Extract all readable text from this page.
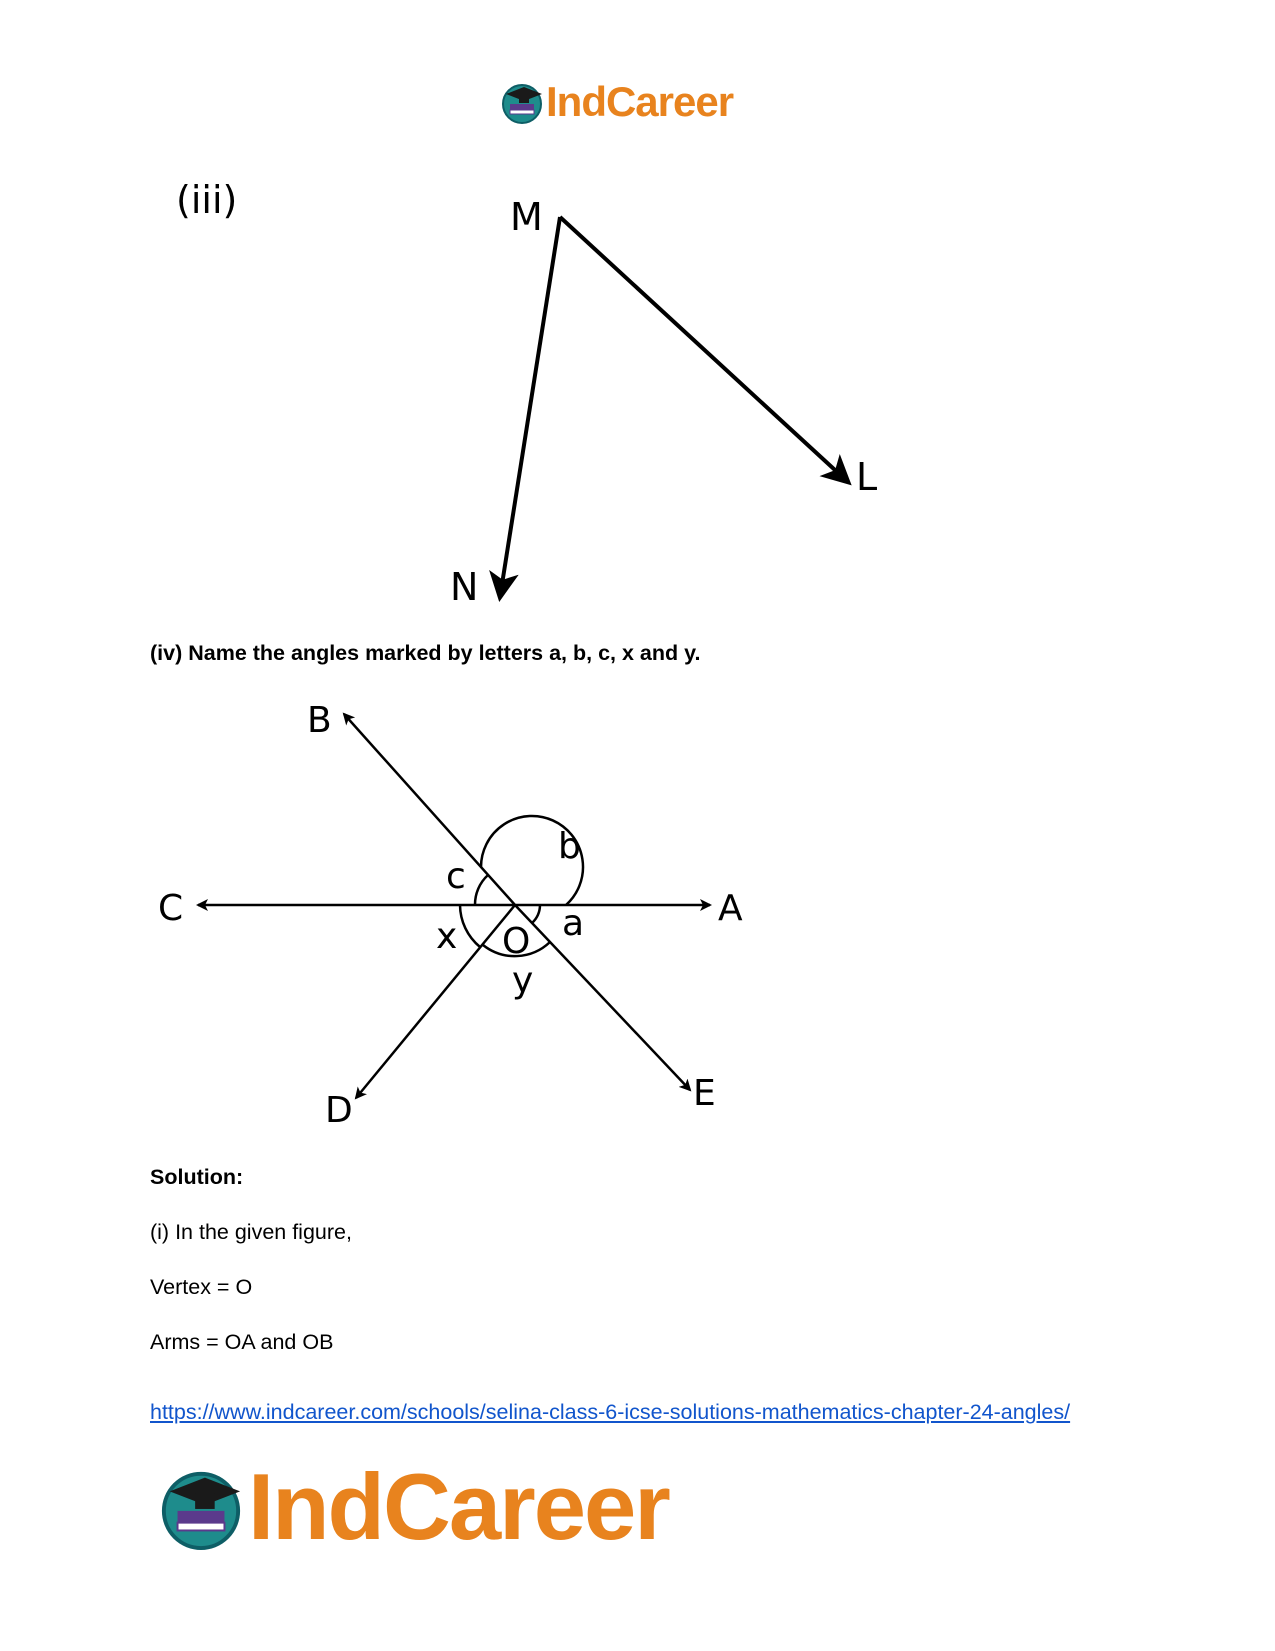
IndCareer
(iii)	M
L
N
(iv) Name the angles marked by letters a, b, c, x and y.
B
C	A
D	E
O
b
c
a
x
y
Solution:
(i) In the given figure,
Vertex = O
Arms = OA and OB
https://www.indcareer.com/schools/selina-class-6-icse-solutions-mathematics-chapter-24-angles/
IndCareer
